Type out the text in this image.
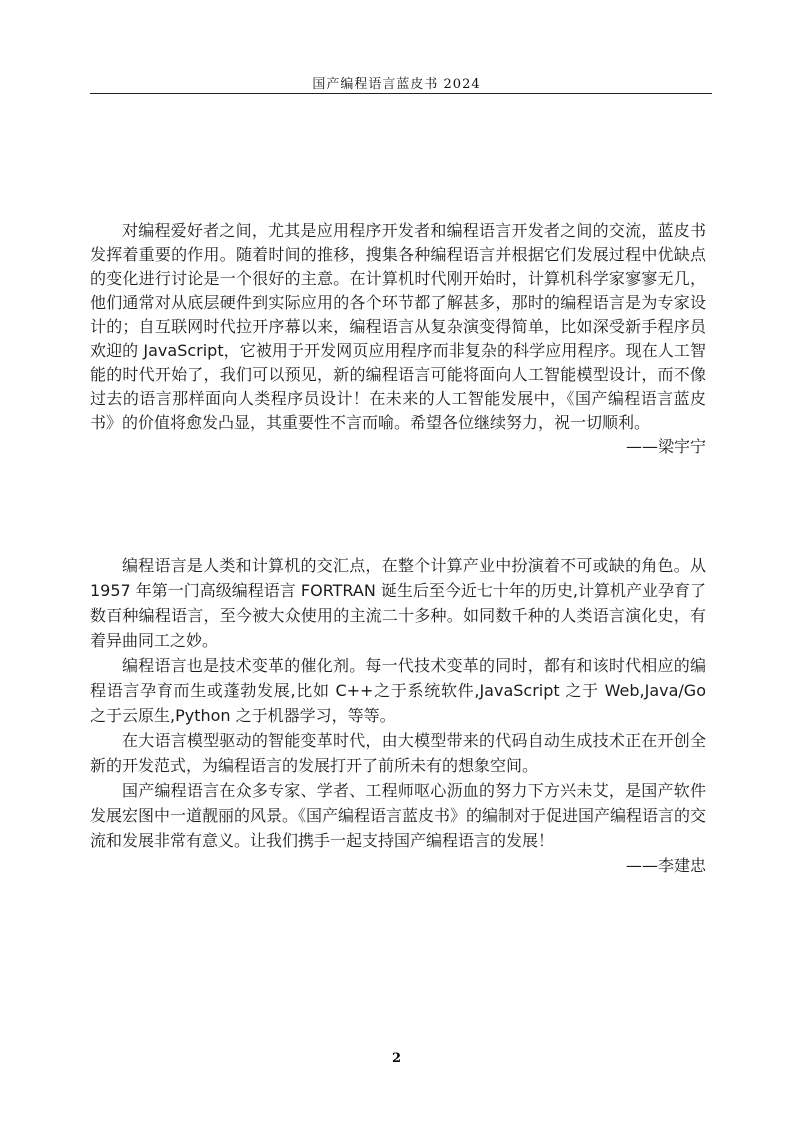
国产编程语言蓝皮书 2024

对编程爱好者之间，尤其是应用程序开发者和编程语言开发者之间的交流，蓝皮书发挥着重要的作用。随着时间的推移，搜集各种编程语言并根据它们发展过程中优缺点的变化进行讨论是一个很好的主意。在计算机时代刚开始时，计算机科学家寥寥无几，他们通常对从底层硬件到实际应用的各个环节都了解甚多，那时的编程语言是为专家设计的；自互联网时代拉开序幕以来，编程语言从复杂演变得简单，比如深受新手程序员欢迎的 JavaScript，它被用于开发网页应用程序而非复杂的科学应用程序。现在人工智能的时代开始了，我们可以预见，新的编程语言可能将面向人工智能模型设计，而不像过去的语言那样面向人类程序员设计！在未来的人工智能发展中，《国产编程语言蓝皮书》的价值将愈发凸显，其重要性不言而喻。希望各位继续努力，祝一切顺利。

——梁宇宁

编程语言是人类和计算机的交汇点，在整个计算产业中扮演着不可或缺的角色。从 1957 年第一门高级编程语言 FORTRAN 诞生后至今近七十年的历史,计算机产业孕育了数百种编程语言，至今被大众使用的主流二十多种。如同数千种的人类语言演化史，有着异曲同工之妙。

编程语言也是技术变革的催化剂。每一代技术变革的同时，都有和该时代相应的编程语言孕育而生或蓬勃发展,比如 C++之于系统软件,JavaScript 之于 Web,Java/Go 之于云原生,Python 之于机器学习，等等。

在大语言模型驱动的智能变革时代，由大模型带来的代码自动生成技术正在开创全新的开发范式，为编程语言的发展打开了前所未有的想象空间。

国产编程语言在众多专家、学者、工程师呕心沥血的努力下方兴未艾，是国产软件发展宏图中一道靓丽的风景。《国产编程语言蓝皮书》的编制对于促进国产编程语言的交流和发展非常有意义。让我们携手一起支持国产编程语言的发展！

——李建忠

2
